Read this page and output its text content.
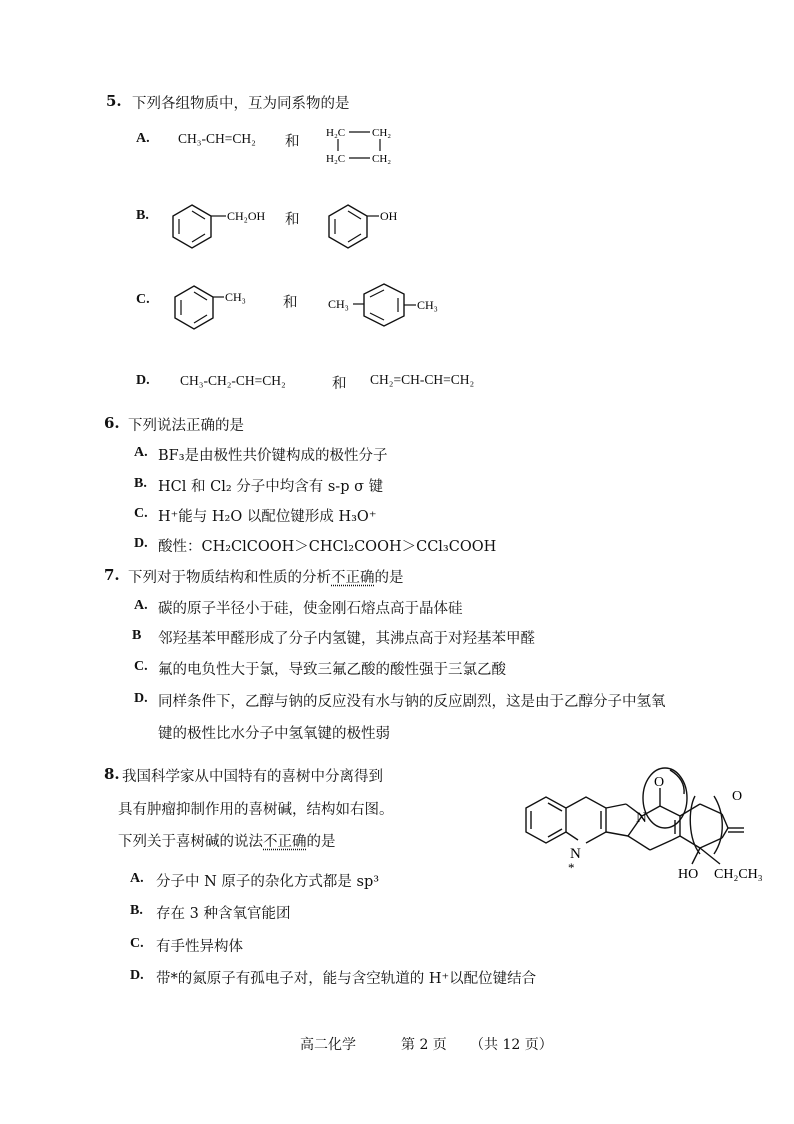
5. 下列各组物质中，互为同系物的是
A. CH₃-CH=CH₂ 和
H₂C CH₂
H₂C CH₂
B.	CH₂OH 和	OH
C.	CH₃	和	CH₃	CH₃
D. CH₃-CH₂-CH=CH₂	和 CH₂=CH-CH=CH₂
6. 下列说法正确的是
A. BF₃是由极性共价键构成的极性分子
B. HCl 和 Cl₂ 分子中均含有 s-p σ 键
C. H⁺能与 H₂O 以配位键形成 H₃O⁺
D. 酸性：CH₂ClCOOH＞CHCl₂COOH＞CCl₃COOH
7. 下列对于物质结构和性质的分析不正确的是
A. 碳的原子半径小于硅，使金刚石熔点高于晶体硅
B 邻羟基苯甲醛形成了分子内氢键，其沸点高于对羟基苯甲醛
C. 氟的电负性大于氯，导致三氟乙酸的酸性强于三氯乙酸
D. 同样条件下，乙醇与钠的反应没有水与钠的反应剧烈，这是由于乙醇分子中氢氧
键的极性比水分子中氢氧键的极性弱
8. 我国科学家从中国特有的喜树中分离得到
具有肿瘤抑制作用的喜树碱，结构如右图。
下列关于喜树碱的说法不正确的是
A. 分子中 N 原子的杂化方式都是 sp³
B. 存在 3 种含氧官能团
C. 有手性异构体
D. 带*的氮原子有孤电子对，能与含空轨道的 H⁺以配位键结合
N
*
N
O
O
HO CH₂CH₃
高二化学	第 2 页 （共 12 页）
